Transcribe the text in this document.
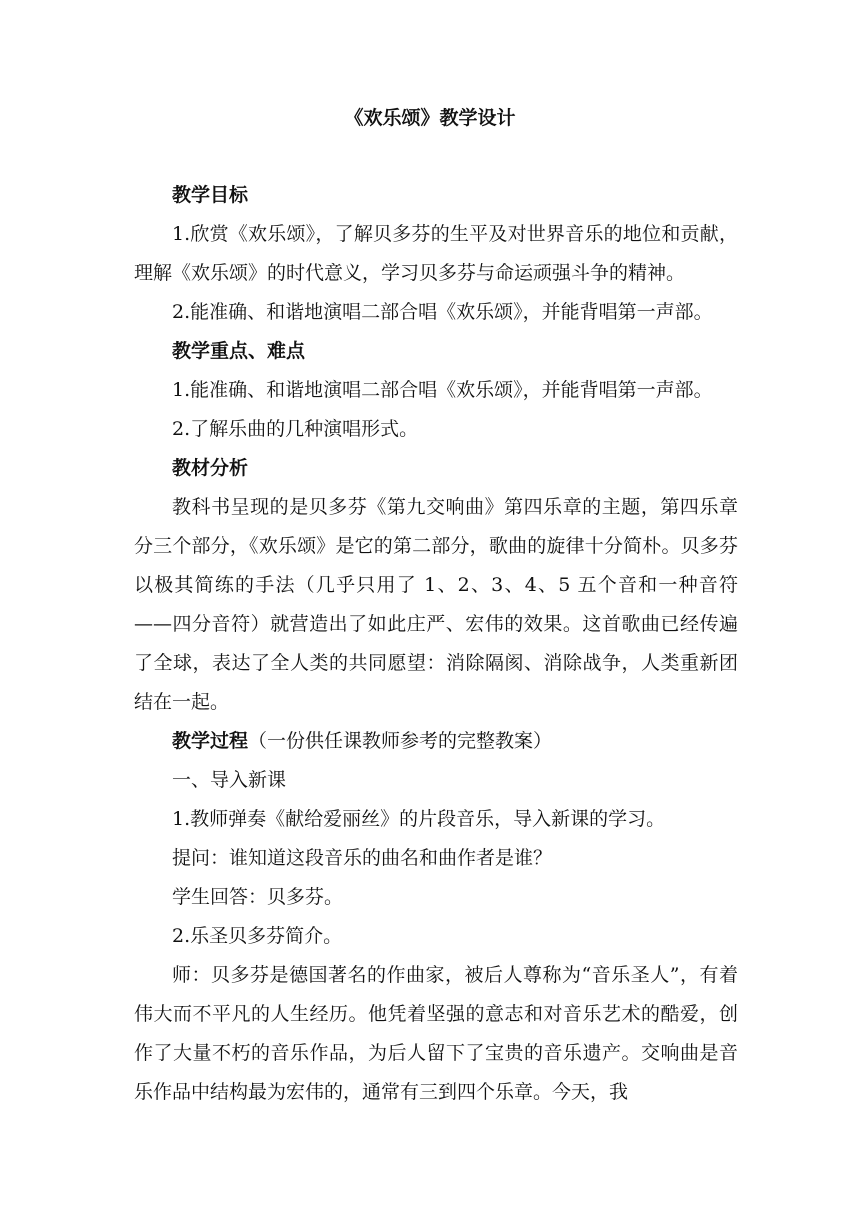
《欢乐颂》教学设计

教学目标

1.欣赏《欢乐颂》，了解贝多芬的生平及对世界音乐的地位和贡献，理解《欢乐颂》的时代意义，学习贝多芬与命运顽强斗争的精神。

2.能准确、和谐地演唱二部合唱《欢乐颂》，并能背唱第一声部。

教学重点、难点

1.能准确、和谐地演唱二部合唱《欢乐颂》，并能背唱第一声部。

2.了解乐曲的几种演唱形式。

教材分析

教科书呈现的是贝多芬《第九交响曲》第四乐章的主题，第四乐章分三个部分，《欢乐颂》是它的第二部分，歌曲的旋律十分简朴。贝多芬以极其简练的手法（几乎只用了 1、2、3、4、5 五个音和一种音符——四分音符）就营造出了如此庄严、宏伟的效果。这首歌曲已经传遍了全球，表达了全人类的共同愿望：消除隔阂、消除战争，人类重新团结在一起。

教学过程（一份供任课教师参考的完整教案）

一、导入新课

1.教师弹奏《献给爱丽丝》的片段音乐，导入新课的学习。

提问：谁知道这段音乐的曲名和曲作者是谁？

学生回答：贝多芬。

2.乐圣贝多芬简介。

师：贝多芬是德国著名的作曲家，被后人尊称为“音乐圣人”，有着伟大而不平凡的人生经历。他凭着坚强的意志和对音乐艺术的酷爱，创作了大量不朽的音乐作品，为后人留下了宝贵的音乐遗产。交响曲是音乐作品中结构最为宏伟的，通常有三到四个乐章。今天，我
